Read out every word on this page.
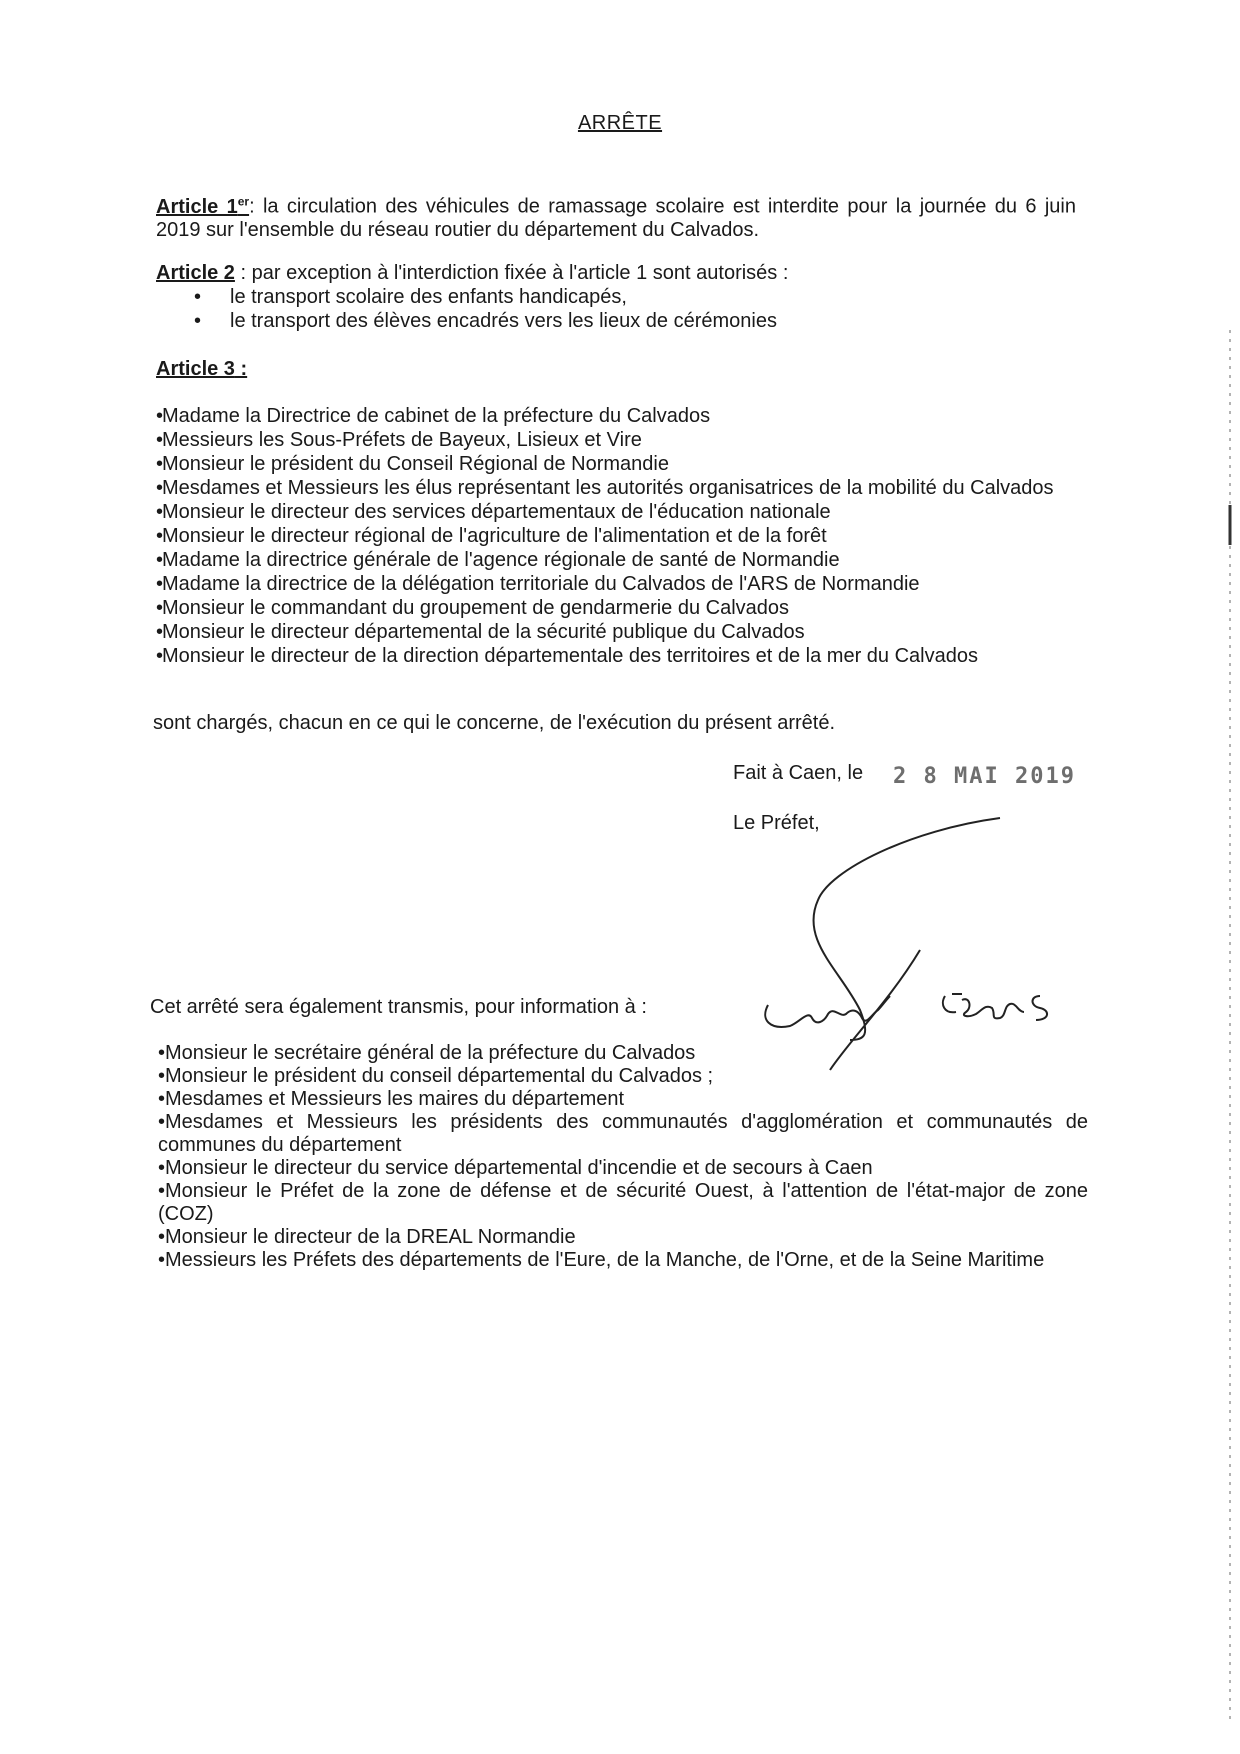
ARRÊTE
Article 1er: la circulation des véhicules de ramassage scolaire est interdite pour la journée du 6 juin 2019 sur l'ensemble du réseau routier du département du Calvados.
Article 2 : par exception à l'interdiction fixée à l'article 1 sont autorisés :
• le transport scolaire des enfants handicapés,
• le transport des élèves encadrés vers les lieux de cérémonies
Article 3 :
•Madame la Directrice de cabinet de la préfecture du Calvados
•Messieurs les Sous-Préfets de Bayeux, Lisieux et Vire
•Monsieur le président du Conseil Régional de Normandie
•Mesdames et Messieurs les élus représentant les autorités organisatrices de la mobilité du Calvados
•Monsieur le directeur des services départementaux de l'éducation nationale
•Monsieur le directeur régional de l'agriculture de l'alimentation et de la forêt
•Madame la directrice générale de l'agence régionale de santé de Normandie
•Madame la directrice de la délégation territoriale du Calvados de l'ARS de Normandie
•Monsieur le commandant du groupement de gendarmerie du Calvados
•Monsieur le directeur départemental de la sécurité publique du Calvados
•Monsieur le directeur de la direction départementale des territoires et de la mer du Calvados
sont chargés, chacun en ce qui le concerne, de l'exécution du présent arrêté.
Fait à Caen, le 2 8 MAI 2019
Le Préfet,
Cet arrêté sera également transmis, pour information à :
•Monsieur le secrétaire général de la préfecture du Calvados
•Monsieur le président du conseil départemental du Calvados ;
•Mesdames et Messieurs les maires du département
•Mesdames et Messieurs les présidents des communautés d'agglomération et communautés de communes du département
•Monsieur le directeur du service départemental d'incendie et de secours à Caen
•Monsieur le Préfet de la zone de défense et de sécurité Ouest, à l'attention de l'état-major de zone (COZ)
•Monsieur le directeur de la DREAL Normandie
•Messieurs les Préfets des départements de l'Eure, de la Manche, de l'Orne, et de la Seine Maritime
